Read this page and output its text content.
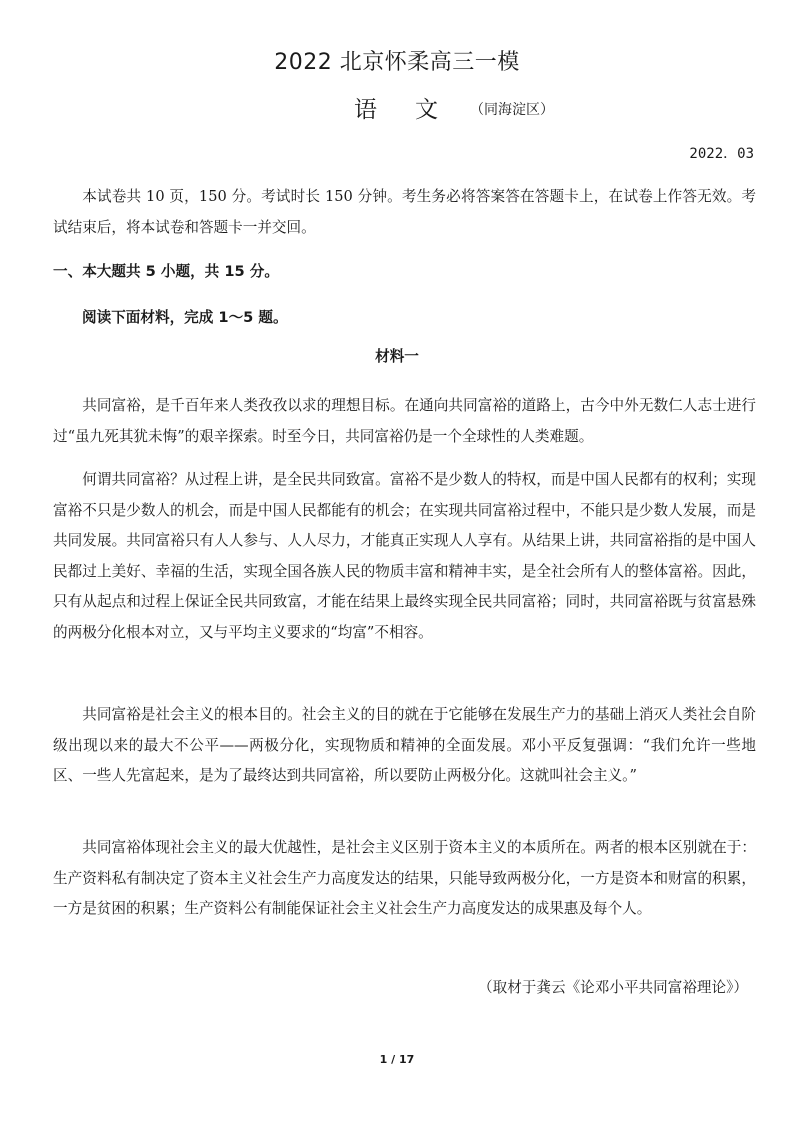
2022 北京怀柔高三一模
语文
（同海淀区）
2022．03

本试卷共 10 页，150 分。考试时长 150 分钟。考生务必将答案答在答题卡上，在试卷上作答无效。考试结束后，将本试卷和答题卡一并交回。

一、本大题共 5 小题，共 15 分。
阅读下面材料，完成 1～5 题。
材料一

共同富裕，是千百年来人类孜孜以求的理想目标。在通向共同富裕的道路上，古今中外无数仁人志士进行过“虽九死其犹未悔”的艰辛探索。时至今日，共同富裕仍是一个全球性的人类难题。

何谓共同富裕？从过程上讲，是全民共同致富。富裕不是少数人的特权，而是中国人民都有的权利；实现富裕不只是少数人的机会，而是中国人民都能有的机会；在实现共同富裕过程中，不能只是少数人发展，而是共同发展。共同富裕只有人人参与、人人尽力，才能真正实现人人享有。从结果上讲，共同富裕指的是中国人民都过上美好、幸福的生活，实现全国各族人民的物质丰富和精神丰实，是全社会所有人的整体富裕。因此，只有从起点和过程上保证全民共同致富，才能在结果上最终实现全民共同富裕；同时，共同富裕既与贫富悬殊的两极分化根本对立，又与平均主义要求的“均富”不相容。

共同富裕是社会主义的根本目的。社会主义的目的就在于它能够在发展生产力的基础上消灭人类社会自阶级出现以来的最大不公平——两极分化，实现物质和精神的全面发展。邓小平反复强调：“我们允许一些地区、一些人先富起来，是为了最终达到共同富裕，所以要防止两极分化。这就叫社会主义。”

共同富裕体现社会主义的最大优越性，是社会主义区别于资本主义的本质所在。两者的根本区别就在于：生产资料私有制决定了资本主义社会生产力高度发达的结果，只能导致两极分化，一方是资本和财富的积累，一方是贫困的积累；生产资料公有制能保证社会主义社会生产力高度发达的成果惠及每个人。

（取材于龚云《论邓小平共同富裕理论》）
1 / 17
